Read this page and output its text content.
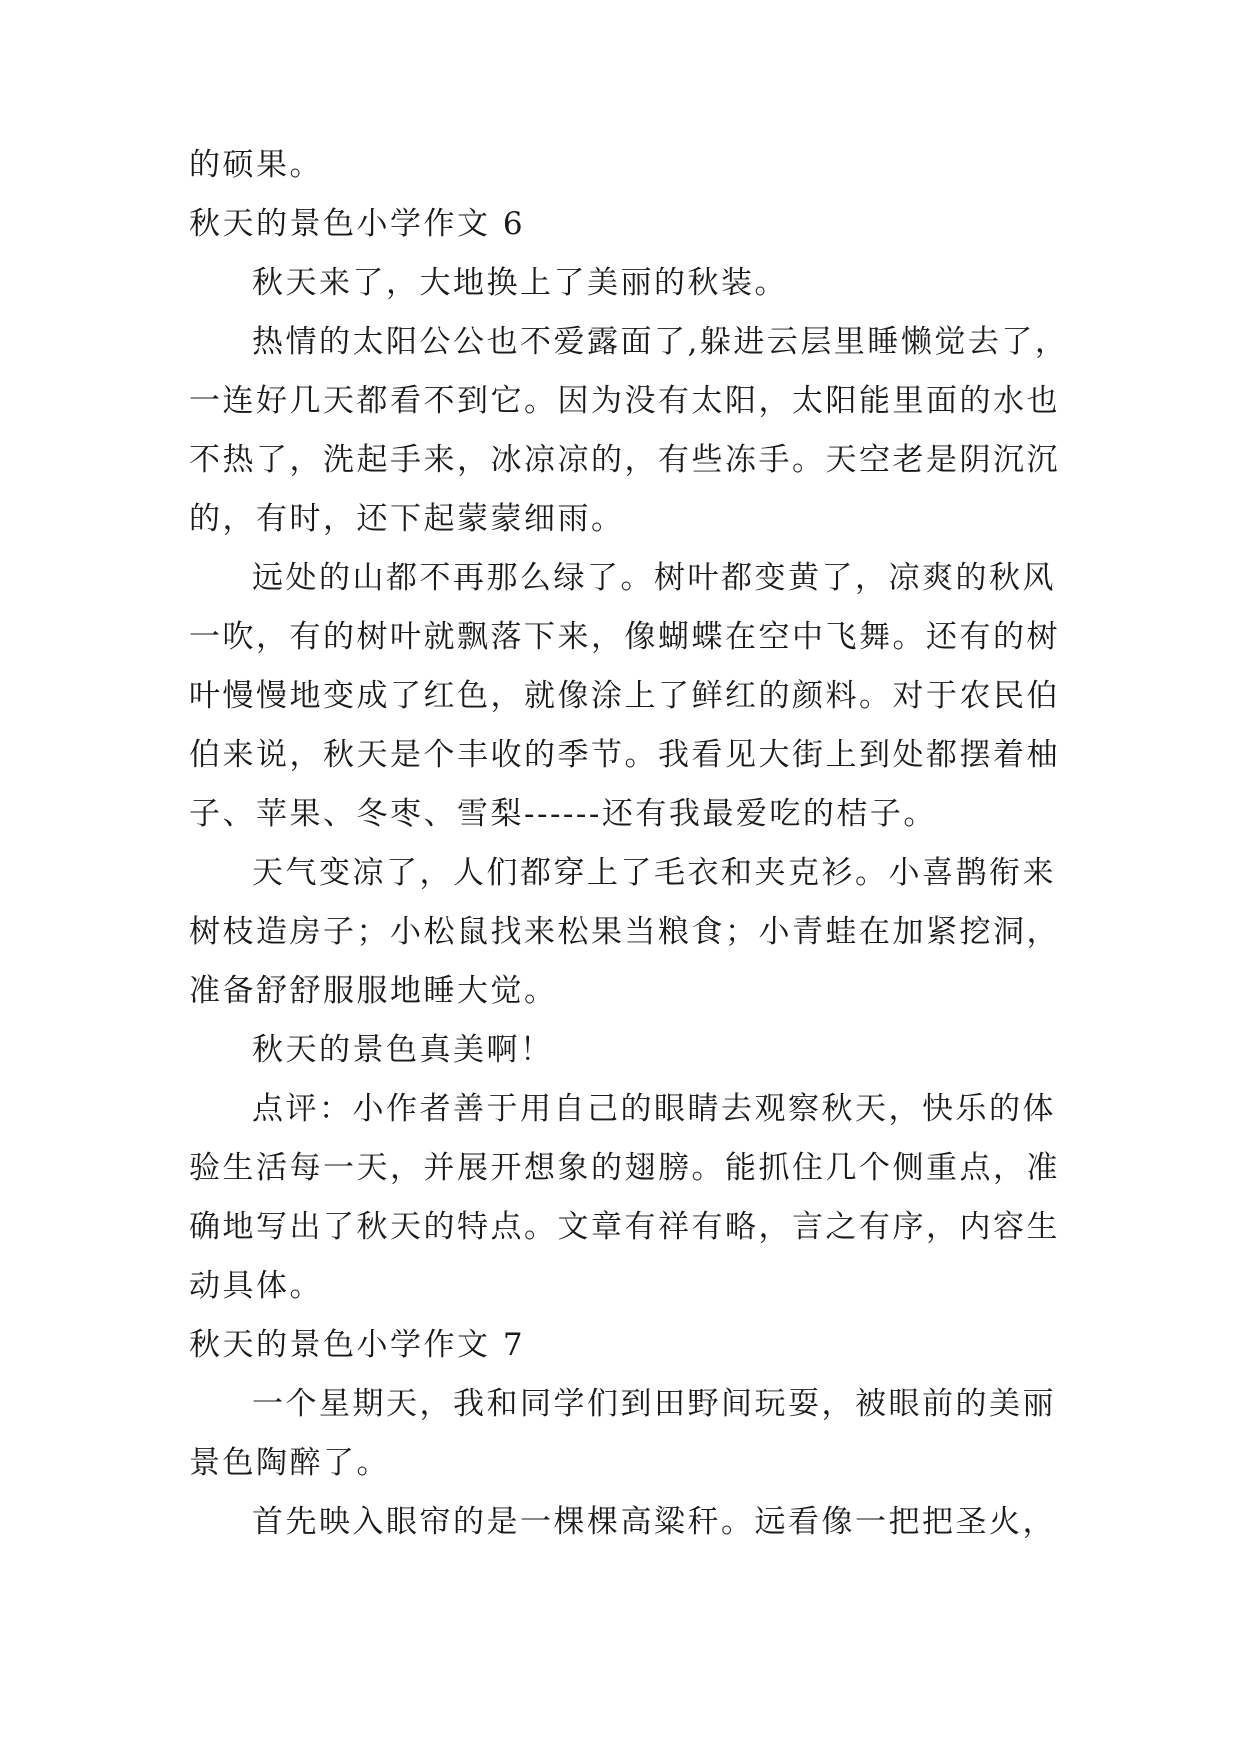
的硕果。

秋天的景色小学作文 6

秋天来了，大地换上了美丽的秋装。

热情的太阳公公也不爱露面了,躲进云层里睡懒觉去了，

一连好几天都看不到它。因为没有太阳，太阳能里面的水也

不热了，洗起手来，冰凉凉的，有些冻手。天空老是阴沉沉

的，有时，还下起蒙蒙细雨。

远处的山都不再那么绿了。树叶都变黄了，凉爽的秋风

一吹，有的树叶就飘落下来，像蝴蝶在空中飞舞。还有的树

叶慢慢地变成了红色，就像涂上了鲜红的颜料。对于农民伯

伯来说，秋天是个丰收的季节。我看见大街上到处都摆着柚

子、苹果、冬枣、雪梨------还有我最爱吃的桔子。

天气变凉了，人们都穿上了毛衣和夹克衫。小喜鹊衔来

树枝造房子；小松鼠找来松果当粮食；小青蛙在加紧挖洞，

准备舒舒服服地睡大觉。

秋天的景色真美啊！

点评：小作者善于用自己的眼睛去观察秋天，快乐的体

验生活每一天，并展开想象的翅膀。能抓住几个侧重点，准

确地写出了秋天的特点。文章有祥有略，言之有序，内容生

动具体。

秋天的景色小学作文 7

一个星期天，我和同学们到田野间玩耍，被眼前的美丽

景色陶醉了。

首先映入眼帘的是一棵棵高粱秆。远看像一把把圣火，
